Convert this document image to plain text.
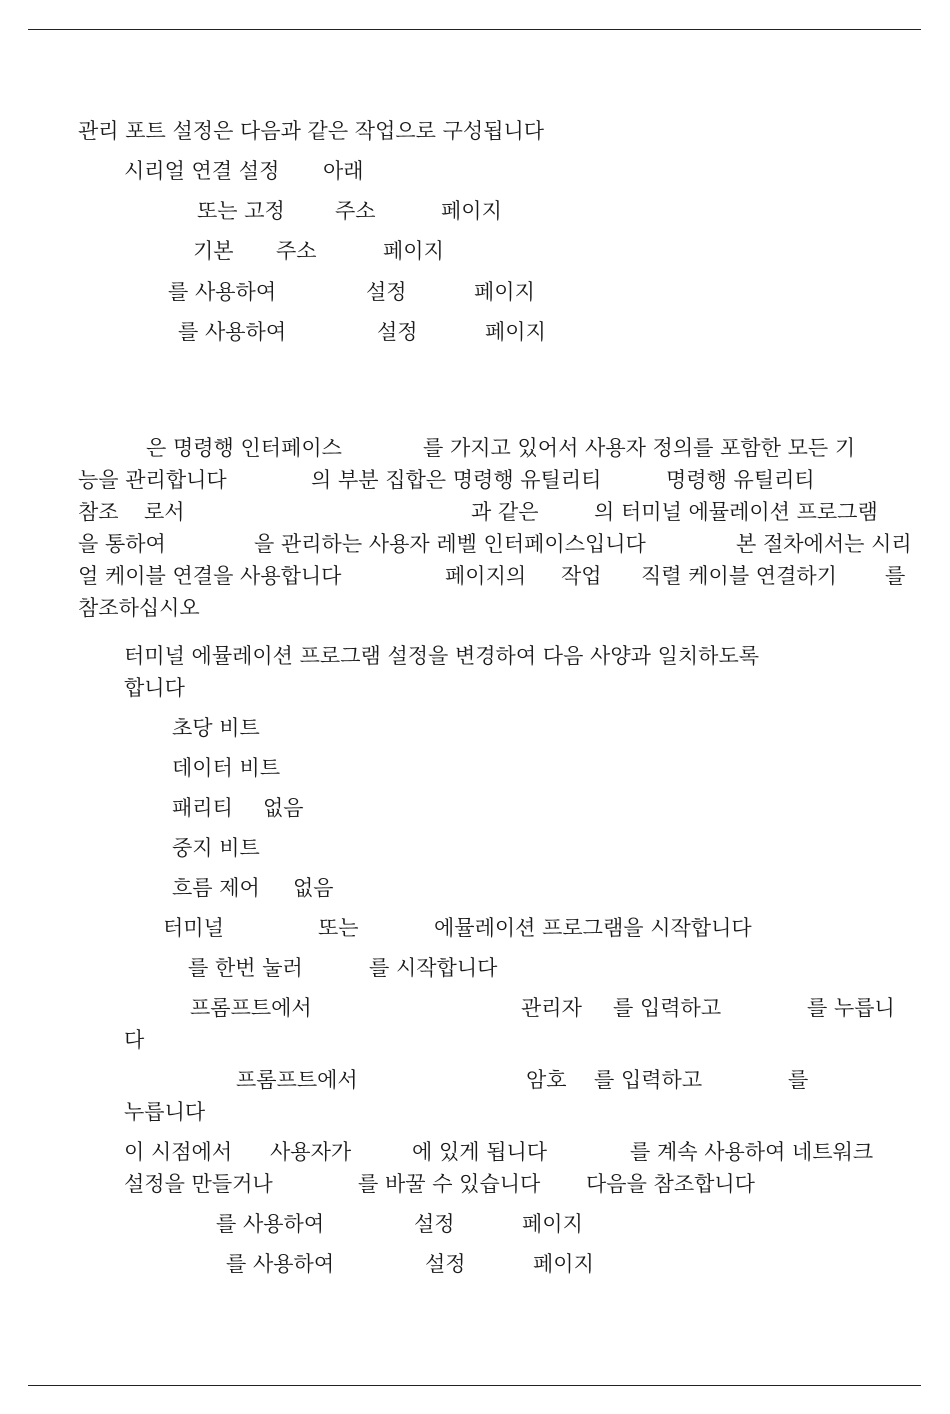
관리 포트 설정은 다음과 같은 작업으로 구성됩니다
시리얼 연결 설정 아래
또는 고정 주소	페이지
기본 주소	페이지
를 사용하여	설정	페이지
를 사용하여	설정	페이지
은 명령행 인터페이스	를 가지고 있어서 사용자 정의를 포함한 모든 기
능을 관리합니다	의 부분 집합은 명령행 유틸리티	명령행 유틸리티
참조 로서	과 같은	의 터미널 에뮬레이션 프로그램
을 통하여	을 관리하는 사용자 레벨 인터페이스입니다	본 절차에서는 시리
얼 케이블 연결을 사용합니다	페이지의 작업 직렬 케이블 연결하기 를
참조하십시오
터미널 에뮬레이션 프로그램 설정을 변경하여 다음 사양과 일치하도록
합니다
초당 비트
데이터 비트
패리티 없음
중지 비트
흐름 제어 없음
터미널	또는	에뮬레이션 프로그램을 시작합니다
를 한번 눌러	를 시작합니다
프롬프트에서	관리자 를 입력하고	를 누릅니
다
프롬프트에서	암호 를 입력하고	를
누릅니다
이 시점에서 사용자가	에 있게 됩니다	를 계속 사용하여 네트워크
설정을 만들거나	를 바꿀 수 있습니다 다음을 참조합니다
를 사용하여	설정	페이지
를 사용하여	설정	페이지
